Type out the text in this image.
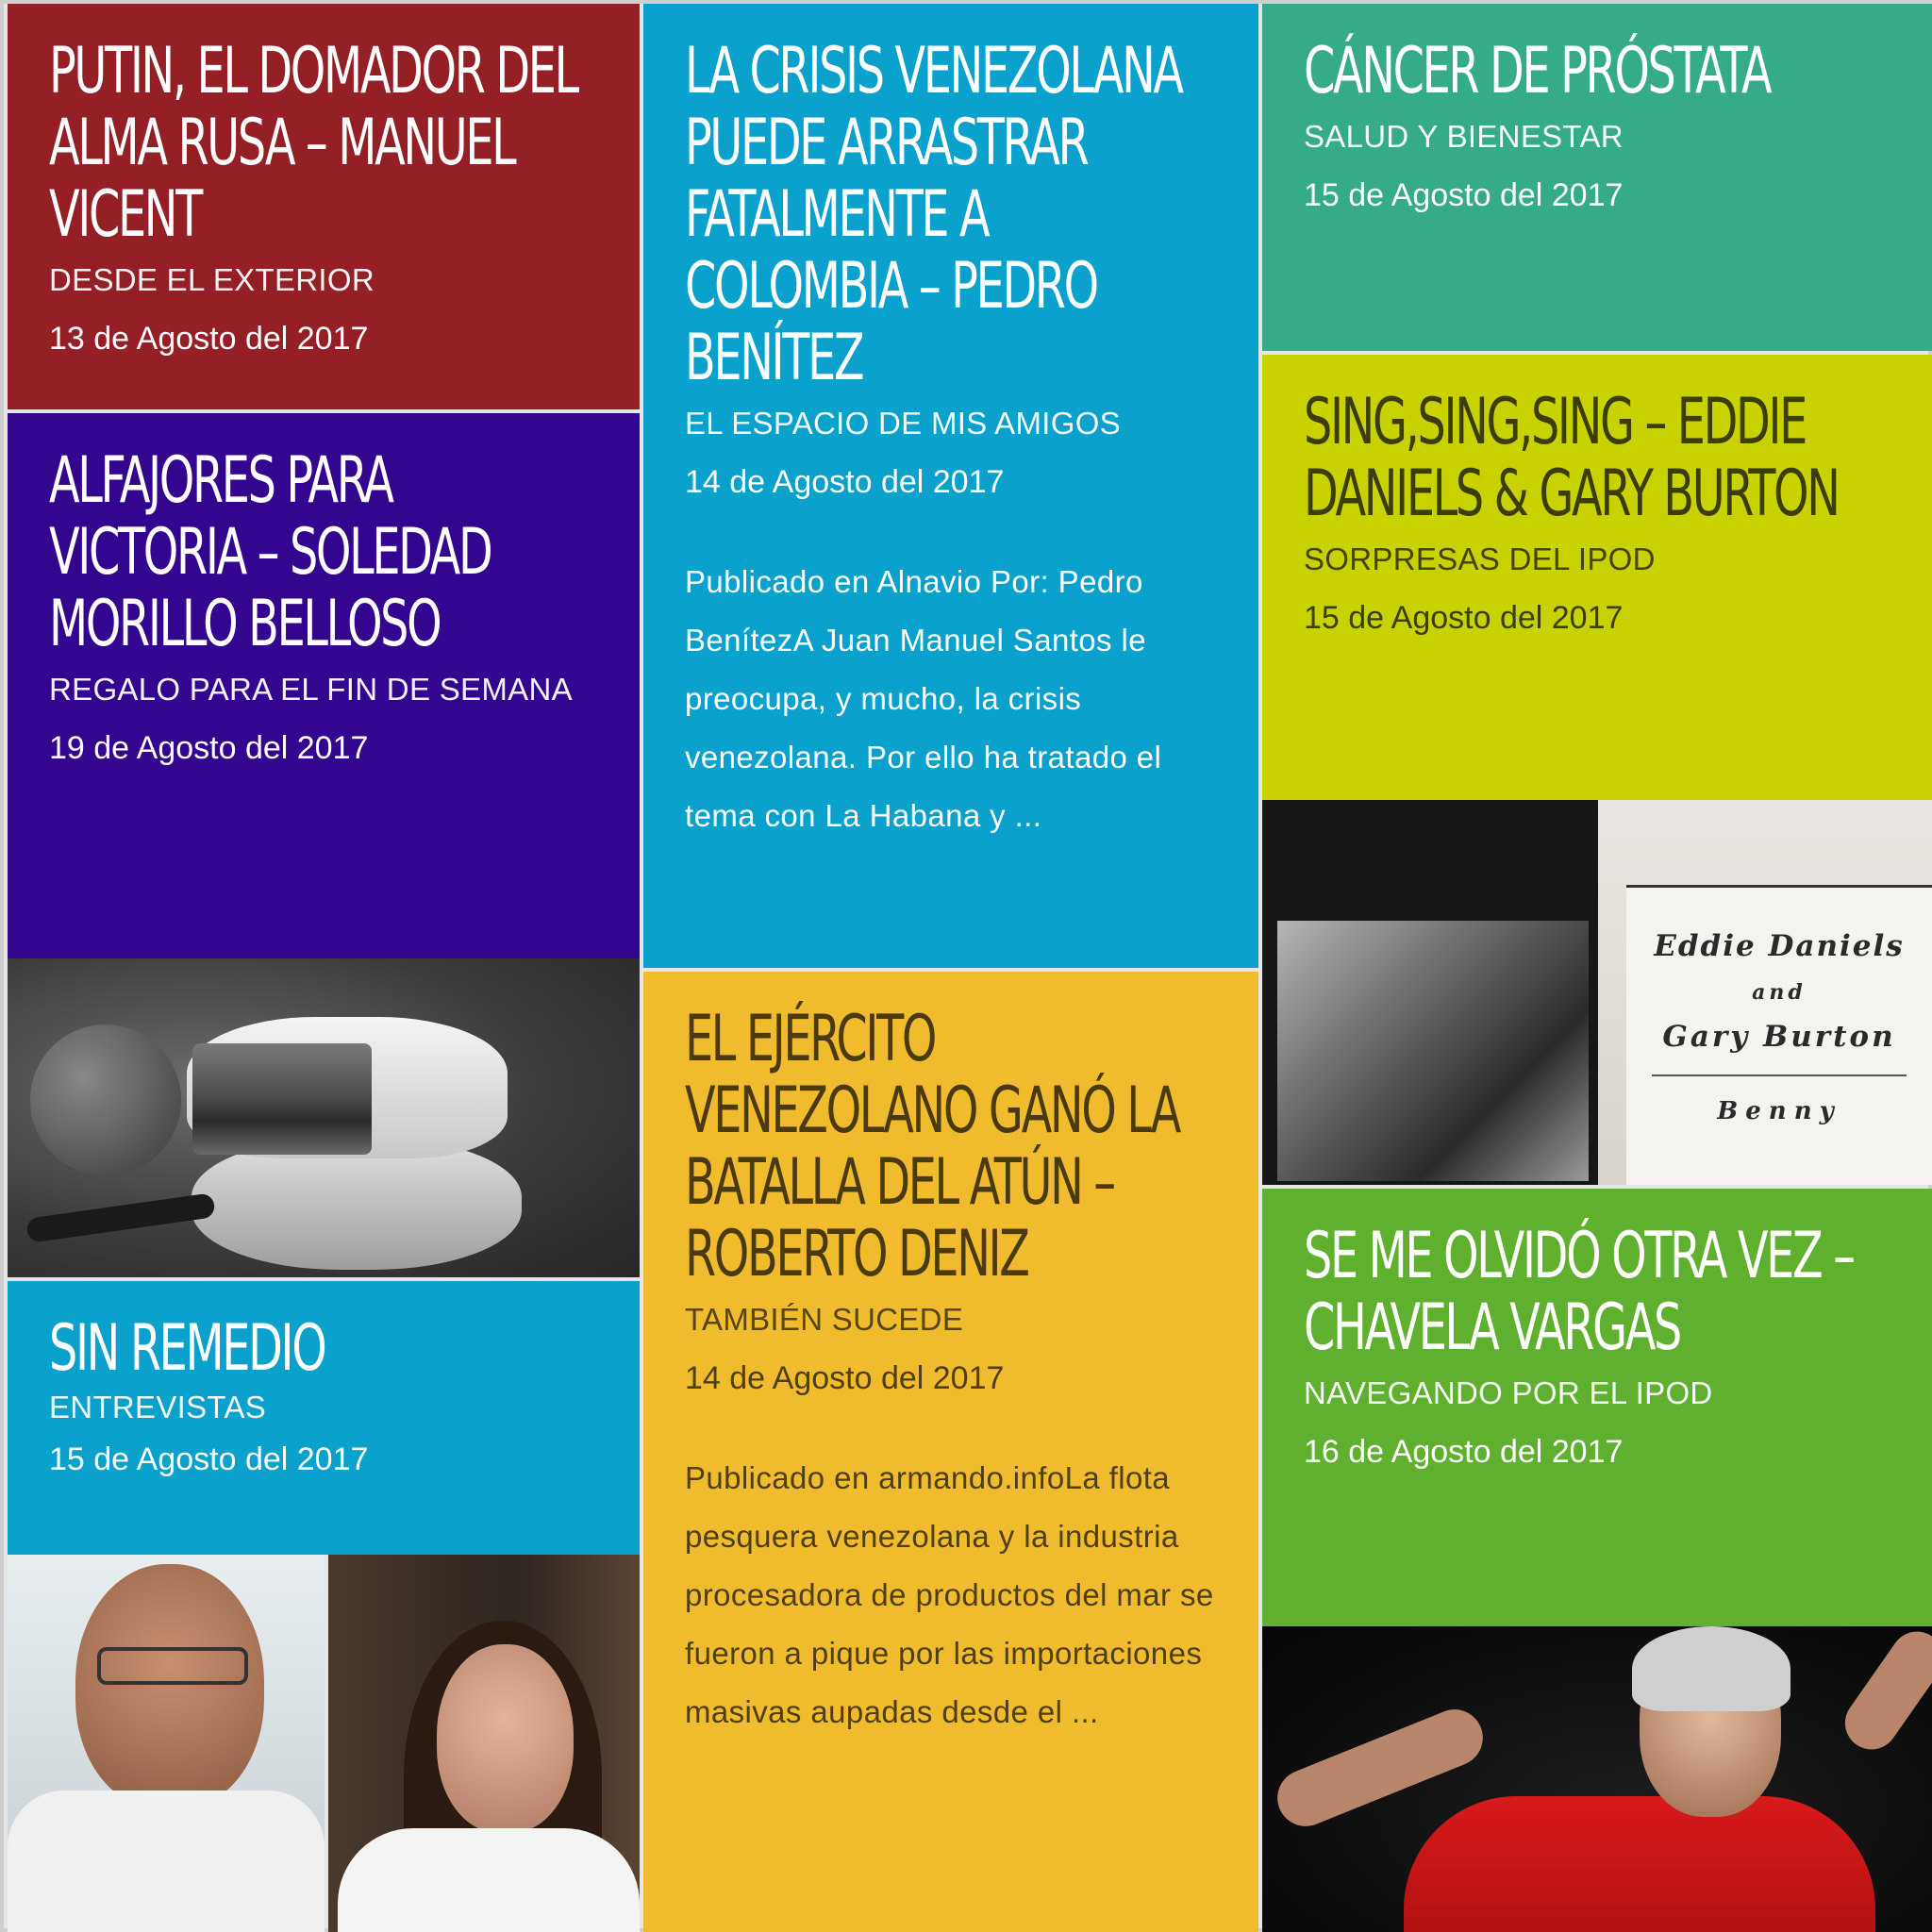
PUTIN, EL DOMADOR DEL ALMA RUSA – MANUEL VICENT
DESDE EL EXTERIOR
13 de Agosto del 2017
ALFAJORES PARA VICTORIA – SOLEDAD MORILLO BELLOSO
REGALO PARA EL FIN DE SEMANA
19 de Agosto del 2017
SIN REMEDIO
ENTREVISTAS
15 de Agosto del 2017
LA CRISIS VENEZOLANA PUEDE ARRASTRAR FATALMENTE A COLOMBIA – PEDRO BENÍTEZ
EL ESPACIO DE MIS AMIGOS
14 de Agosto del 2017
Publicado en Alnavio Por: Pedro BenítezA Juan Manuel Santos le preocupa, y mucho, la crisis venezolana. Por ello ha tratado el tema con La Habana y ...
EL EJÉRCITO VENEZOLANO GANÓ LA BATALLA DEL ATÚN – ROBERTO DENIZ
TAMBIÉN SUCEDE
14 de Agosto del 2017
Publicado en armando.infoLa flota pesquera venezolana y la industria procesadora de productos del mar se fueron a pique por las importaciones masivas aupadas desde el ...
CÁNCER DE PRÓSTATA
SALUD Y BIENESTAR
15 de Agosto del 2017
SING,SING,SING – EDDIE DANIELS & GARY BURTON
SORPRESAS DEL IPOD
15 de Agosto del 2017
Eddie Daniels
and
Gary Burton
Benny
SE ME OLVIDÓ OTRA VEZ – CHAVELA VARGAS
NAVEGANDO POR EL IPOD
16 de Agosto del 2017
